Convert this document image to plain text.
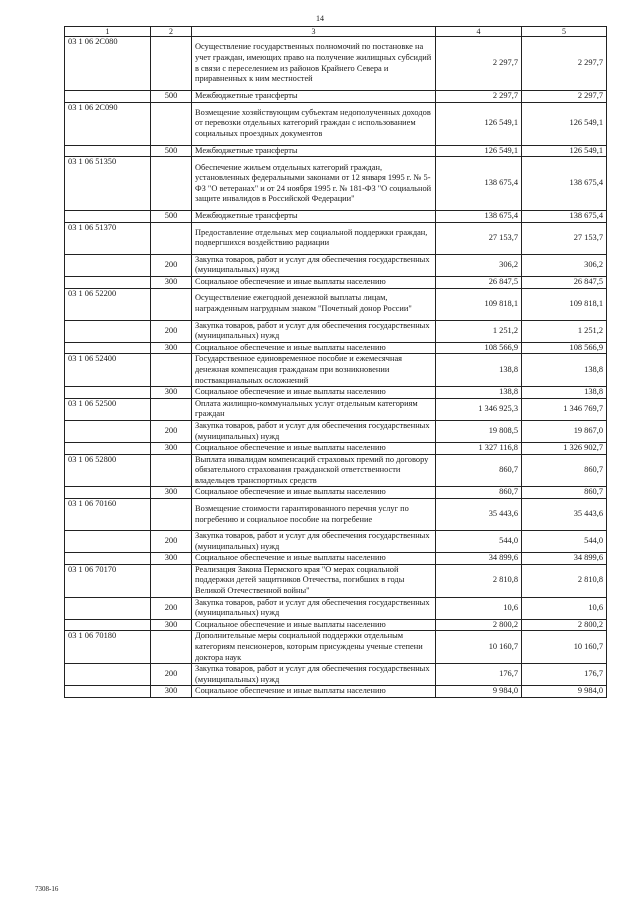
14
1	2	3	4	5
03 1 06 2C080		Осуществление государственных полномочий по постановке на учет граждан, имеющих право на получение жилищных субсидий в связи с переселением из районов Крайнего Севера и приравненных к ним местностей	2 297,7	2 297,7
	500	Межбюджетные трансферты	2 297,7	2 297,7
03 1 06 2C090		Возмещение хозяйствующим субъектам недополученных доходов от перевозки отдельных категорий граждан с использованием социальных проездных документов	126 549,1	126 549,1
	500	Межбюджетные трансферты	126 549,1	126 549,1
03 1 06 51350		Обеспечение жильем отдельных категорий граждан, установленных федеральными законами от 12 января 1995 г. № 5-ФЗ "О ветеранах" и от 24 ноября 1995 г. № 181-ФЗ "О социальной защите инвалидов в Российской Федерации"	138 675,4	138 675,4
	500	Межбюджетные трансферты	138 675,4	138 675,4
03 1 06 51370		Предоставление отдельных мер социальной поддержки граждан, подвергшихся воздействию радиации	27 153,7	27 153,7
	200	Закупка товаров, работ и услуг для обеспечения государственных (муниципальных) нужд	306,2	306,2
	300	Социальное обеспечение и иные выплаты населению	26 847,5	26 847,5
03 1 06 52200		Осуществление ежегодной денежной выплаты лицам, награжденным нагрудным знаком "Почетный донор России"	109 818,1	109 818,1
	200	Закупка товаров, работ и услуг для обеспечения государственных (муниципальных) нужд	1 251,2	1 251,2
	300	Социальное обеспечение и иные выплаты населению	108 566,9	108 566,9
03 1 06 52400		Государственное единовременное пособие и ежемесячная денежная компенсация гражданам при возникновении поствакцинальных осложнений	138,8	138,8
	300	Социальное обеспечение и иные выплаты населению	138,8	138,8
03 1 06 52500		Оплата жилищно-коммунальных услуг отдельным категориям граждан	1 346 925,3	1 346 769,7
	200	Закупка товаров, работ и услуг для обеспечения государственных (муниципальных) нужд	19 808,5	19 867,0
	300	Социальное обеспечение и иные выплаты населению	1 327 116,8	1 326 902,7
03 1 06 52800		Выплата инвалидам компенсаций страховых премий по договору обязательного страхования гражданской ответственности владельцев транспортных средств	860,7	860,7
	300	Социальное обеспечение и иные выплаты населению	860,7	860,7
03 1 06 70160		Возмещение стоимости гарантированного перечня услуг по погребению и социальное пособие на погребение	35 443,6	35 443,6
	200	Закупка товаров, работ и услуг для обеспечения государственных (муниципальных) нужд	544,0	544,0
	300	Социальное обеспечение и иные выплаты населению	34 899,6	34 899,6
03 1 06 70170		Реализация Закона Пермского края "О мерах социальной поддержки детей защитников Отечества, погибших в годы Великой Отечественной войны"	2 810,8	2 810,8
	200	Закупка товаров, работ и услуг для обеспечения государственных (муниципальных) нужд	10,6	10,6
	300	Социальное обеспечение и иные выплаты населению	2 800,2	2 800,2
03 1 06 70180		Дополнительные меры социальной поддержки отдельным категориям пенсионеров, которым присуждены ученые степени доктора наук	10 160,7	10 160,7
	200	Закупка товаров, работ и услуг для обеспечения государственных (муниципальных) нужд	176,7	176,7
	300	Социальное обеспечение и иные выплаты населению	9 984,0	9 984,0
7308-16
